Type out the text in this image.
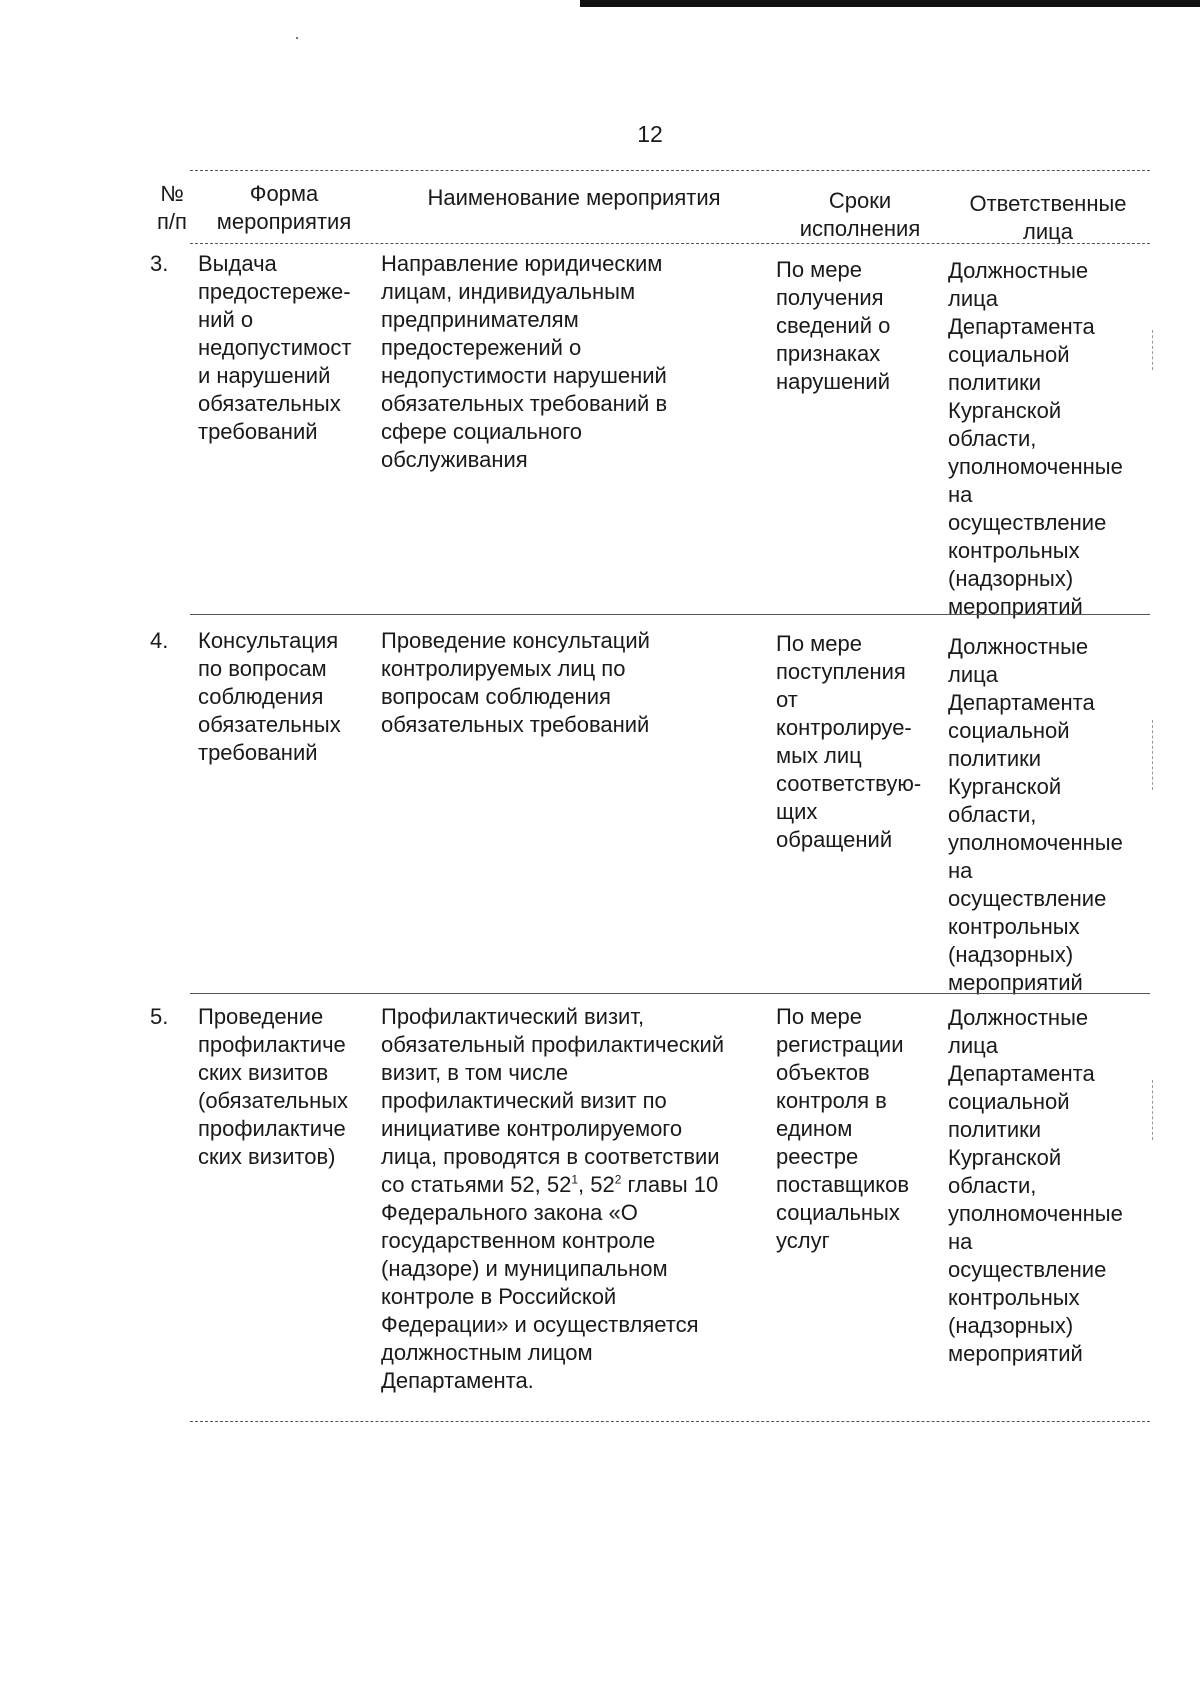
12
№
п/п
Форма
мероприятия
Наименование мероприятия	Сроки
исполнения
Ответственные
лица
3. Выдача
предостереже-
ний о
недопустимост
и нарушений
обязательных
требований
Направление юридическим
лицам, индивидуальным
предпринимателям
предостережений о
недопустимости нарушений
обязательных требований в
сфере социального
обслуживания
По мере
получения
сведений о
признаках
нарушений
Должностные
лица
Департамента
социальной
политики
Курганской
области,
уполномоченные
на
осуществление
контрольных
(надзорных)
мероприятий
4. Консультация
по вопросам
соблюдения
обязательных
требований
Проведение консультаций
контролируемых лиц по
вопросам соблюдения
обязательных требований
По мере
поступления
от
контролируе-
мых лиц
соответствую-
щих
обращений
Должностные
лица
Департамента
социальной
политики
Курганской
области,
уполномоченные
на
осуществление
контрольных
(надзорных)
мероприятий
5. Проведение
профилактиче
ских визитов
(обязательных
профилактиче
ских визитов)
Профилактический визит,
обязательный профилактический
визит, в том числе
профилактический визит по
инициативе контролируемого
лица, проводятся в соответствии
По мере
регистрации
объектов
контроля в
едином
реестре
поставщиков
социальных
услуг
Должностные
лица
Департамента
социальной
политики
Курганской
области,
уполномоченные
на
осуществление
контрольных
(надзорных)
мероприятий
со статьями 52, $52^1$, $52^2$ главы 10
Федерального закона «О
государственном контроле
(надзоре) и муниципальном
контроле в Российской
Федерации» и осуществляется
должностным лицом
Департамента.
